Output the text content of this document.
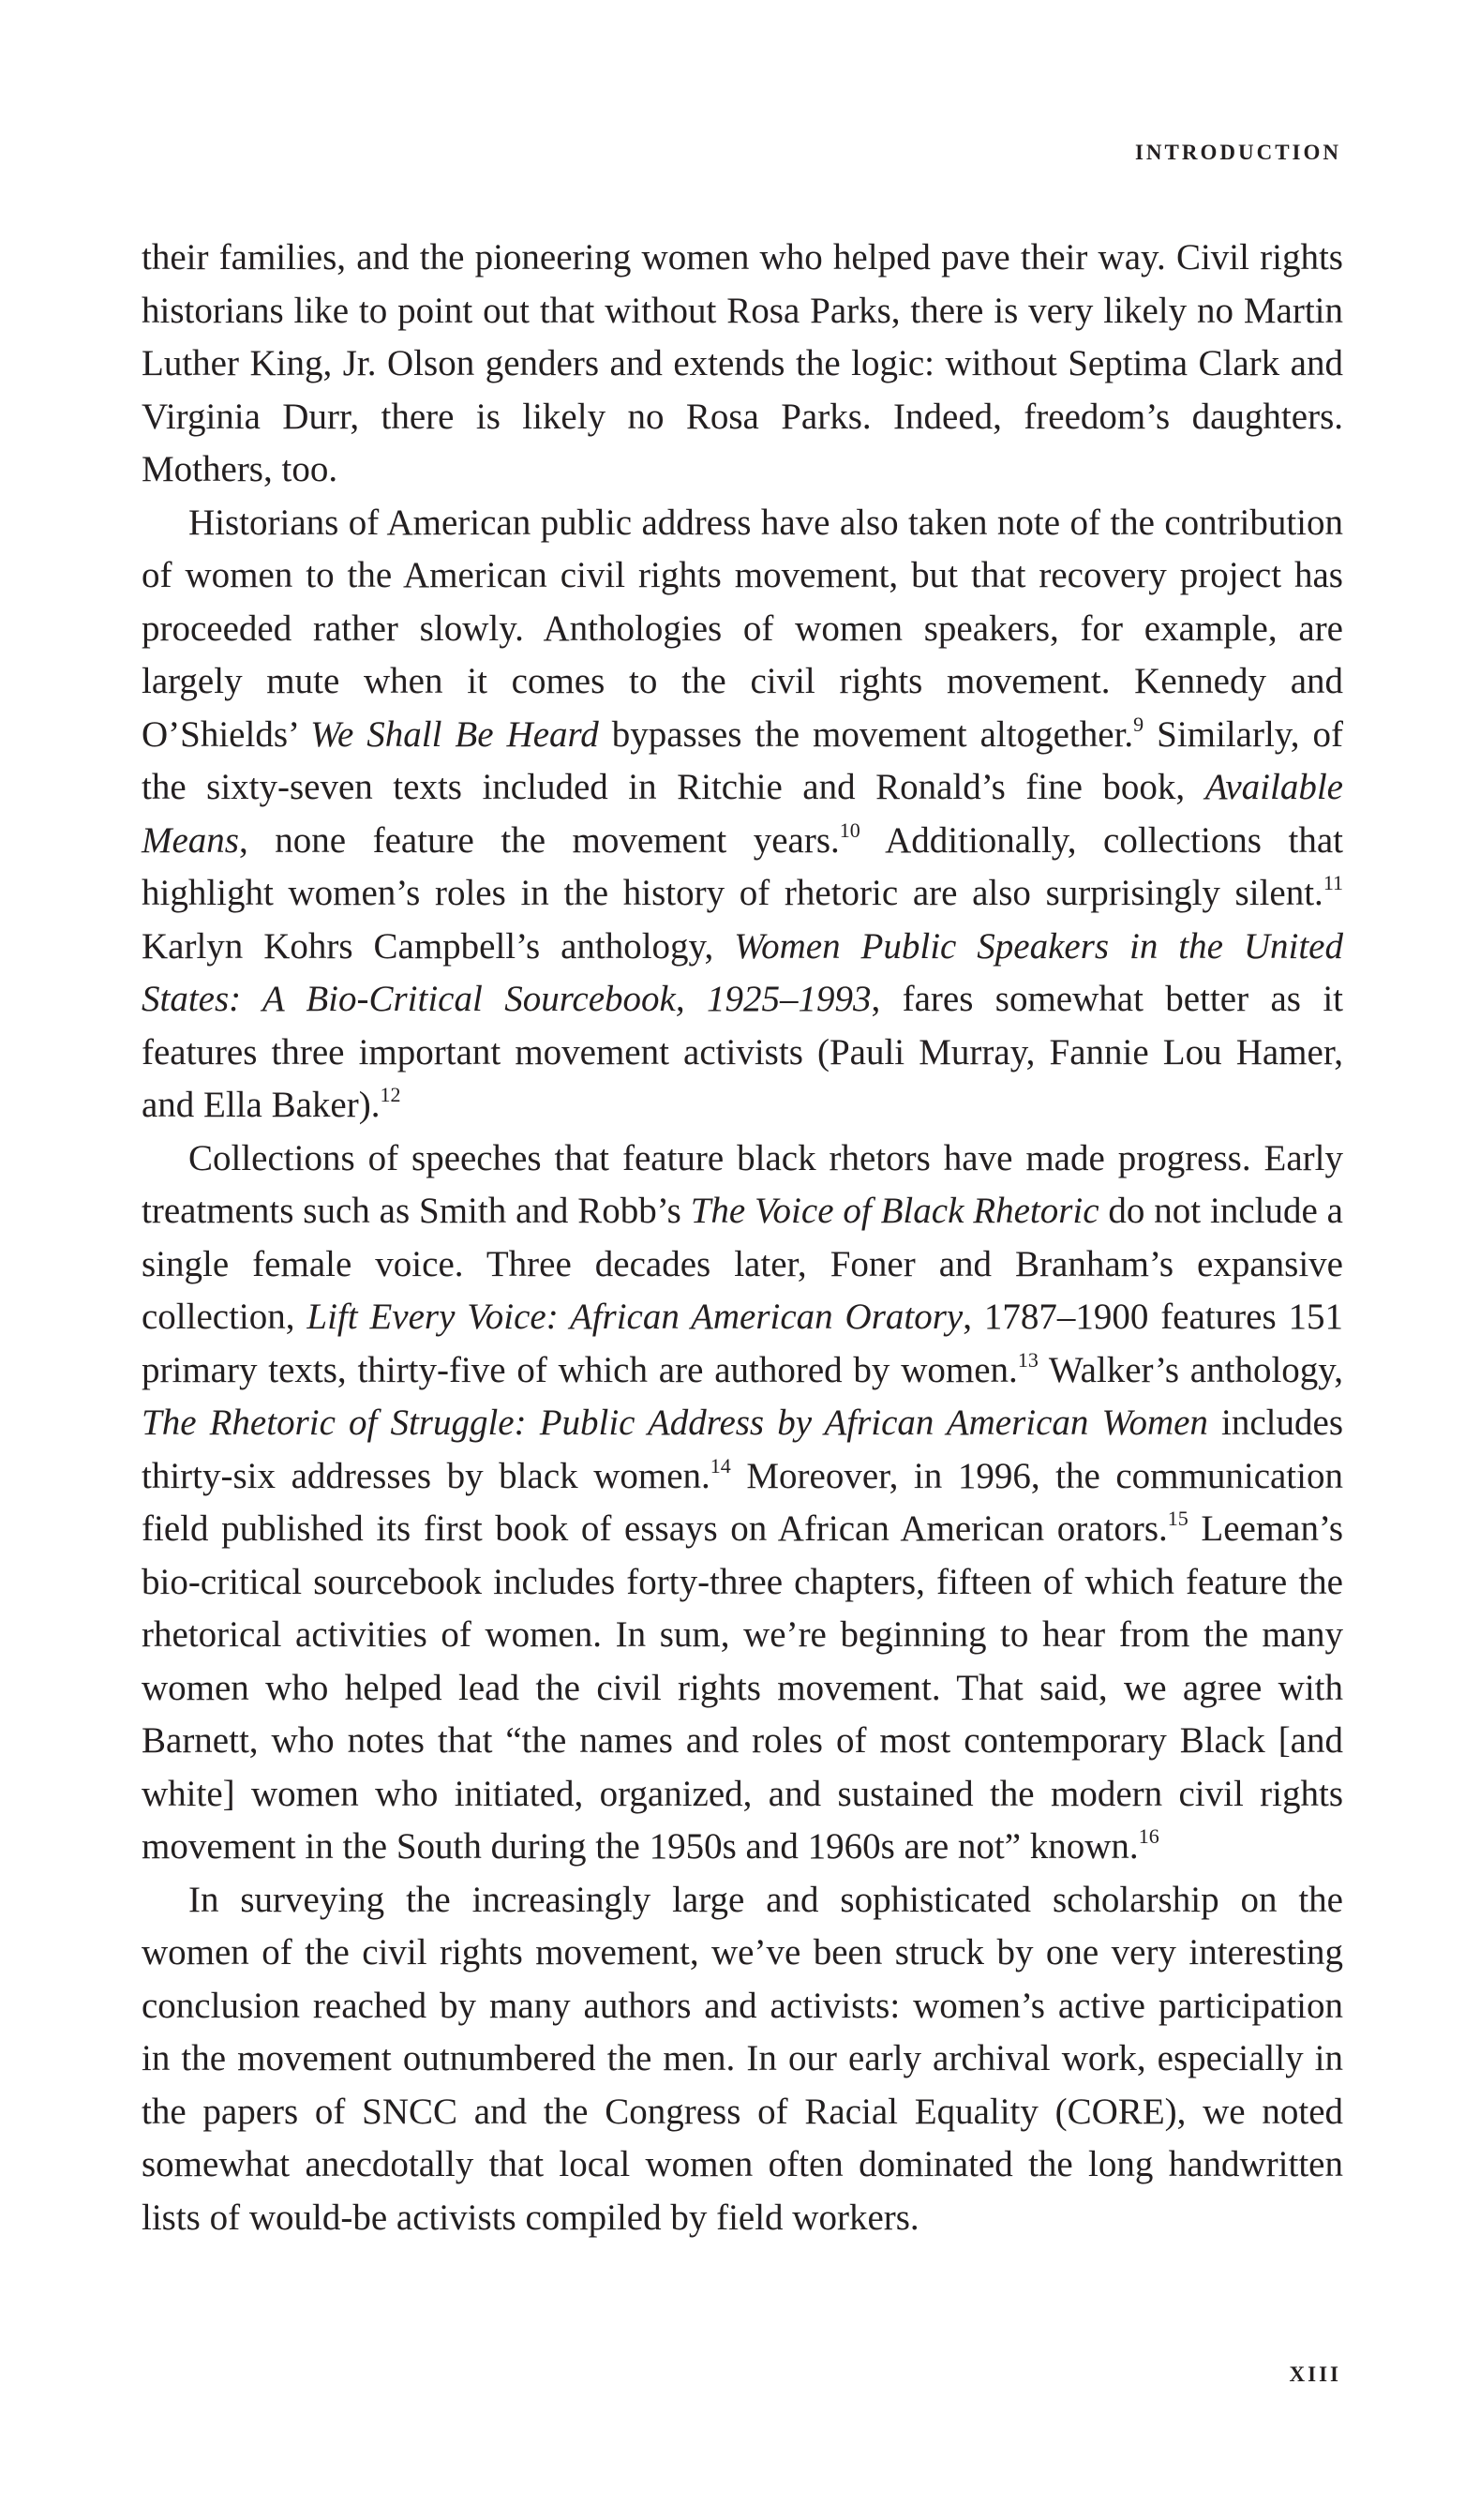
INTRODUCTION

their families, and the pioneering women who helped pave their way. Civil rights historians like to point out that without Rosa Parks, there is very likely no Martin Luther King, Jr. Olson genders and extends the logic: without Septima Clark and Virginia Durr, there is likely no Rosa Parks. Indeed, freedom’s daughters. Mothers, too.

Historians of American public address have also taken note of the contribution of women to the American civil rights movement, but that recovery project has proceeded rather slowly. Anthologies of women speakers, for example, are largely mute when it comes to the civil rights movement. Kennedy and O’Shields’ We Shall Be Heard bypasses the movement altogether.$^9$ Similarly, of the sixty-seven texts included in Ritchie and Ronald’s fine book, Available Means, none feature the movement years.$^{10}$ Additionally, collections that highlight women’s roles in the history of rhetoric are also surprisingly silent.$^{11}$ Karlyn Kohrs Campbell’s anthology, Women Public Speakers in the United States: A Bio-Critical Sourcebook, 1925–1993, fares somewhat better as it features three important movement activists (Pauli Murray, Fannie Lou Hamer, and Ella Baker).$^{12}$

Collections of speeches that feature black rhetors have made progress. Early treatments such as Smith and Robb’s The Voice of Black Rhetoric do not include a single female voice. Three decades later, Foner and Branham’s expansive collection, Lift Every Voice: African American Oratory, 1787–1900 features 151 primary texts, thirty-five of which are authored by women.$^{13}$ Walker’s anthology, The Rhetoric of Struggle: Public Address by African American Women includes thirty-six addresses by black women.$^{14}$ Moreover, in 1996, the communication field published its first book of essays on African American orators.$^{15}$ Leeman’s bio-critical sourcebook includes forty-three chapters, fifteen of which feature the rhetorical activities of women. In sum, we’re beginning to hear from the many women who helped lead the civil rights movement. That said, we agree with Barnett, who notes that “the names and roles of most contemporary Black [and white] women who initiated, organized, and sustained the modern civil rights movement in the South during the 1950s and 1960s are not” known.$^{16}$

In surveying the increasingly large and sophisticated scholarship on the women of the civil rights movement, we’ve been struck by one very interesting conclusion reached by many authors and activists: women’s active participation in the movement outnumbered the men. In our early archival work, especially in the papers of SNCC and the Congress of Racial Equality (CORE), we noted somewhat anecdotally that local women often dominated the long handwritten lists of would-be activists compiled by field workers.

XIII
